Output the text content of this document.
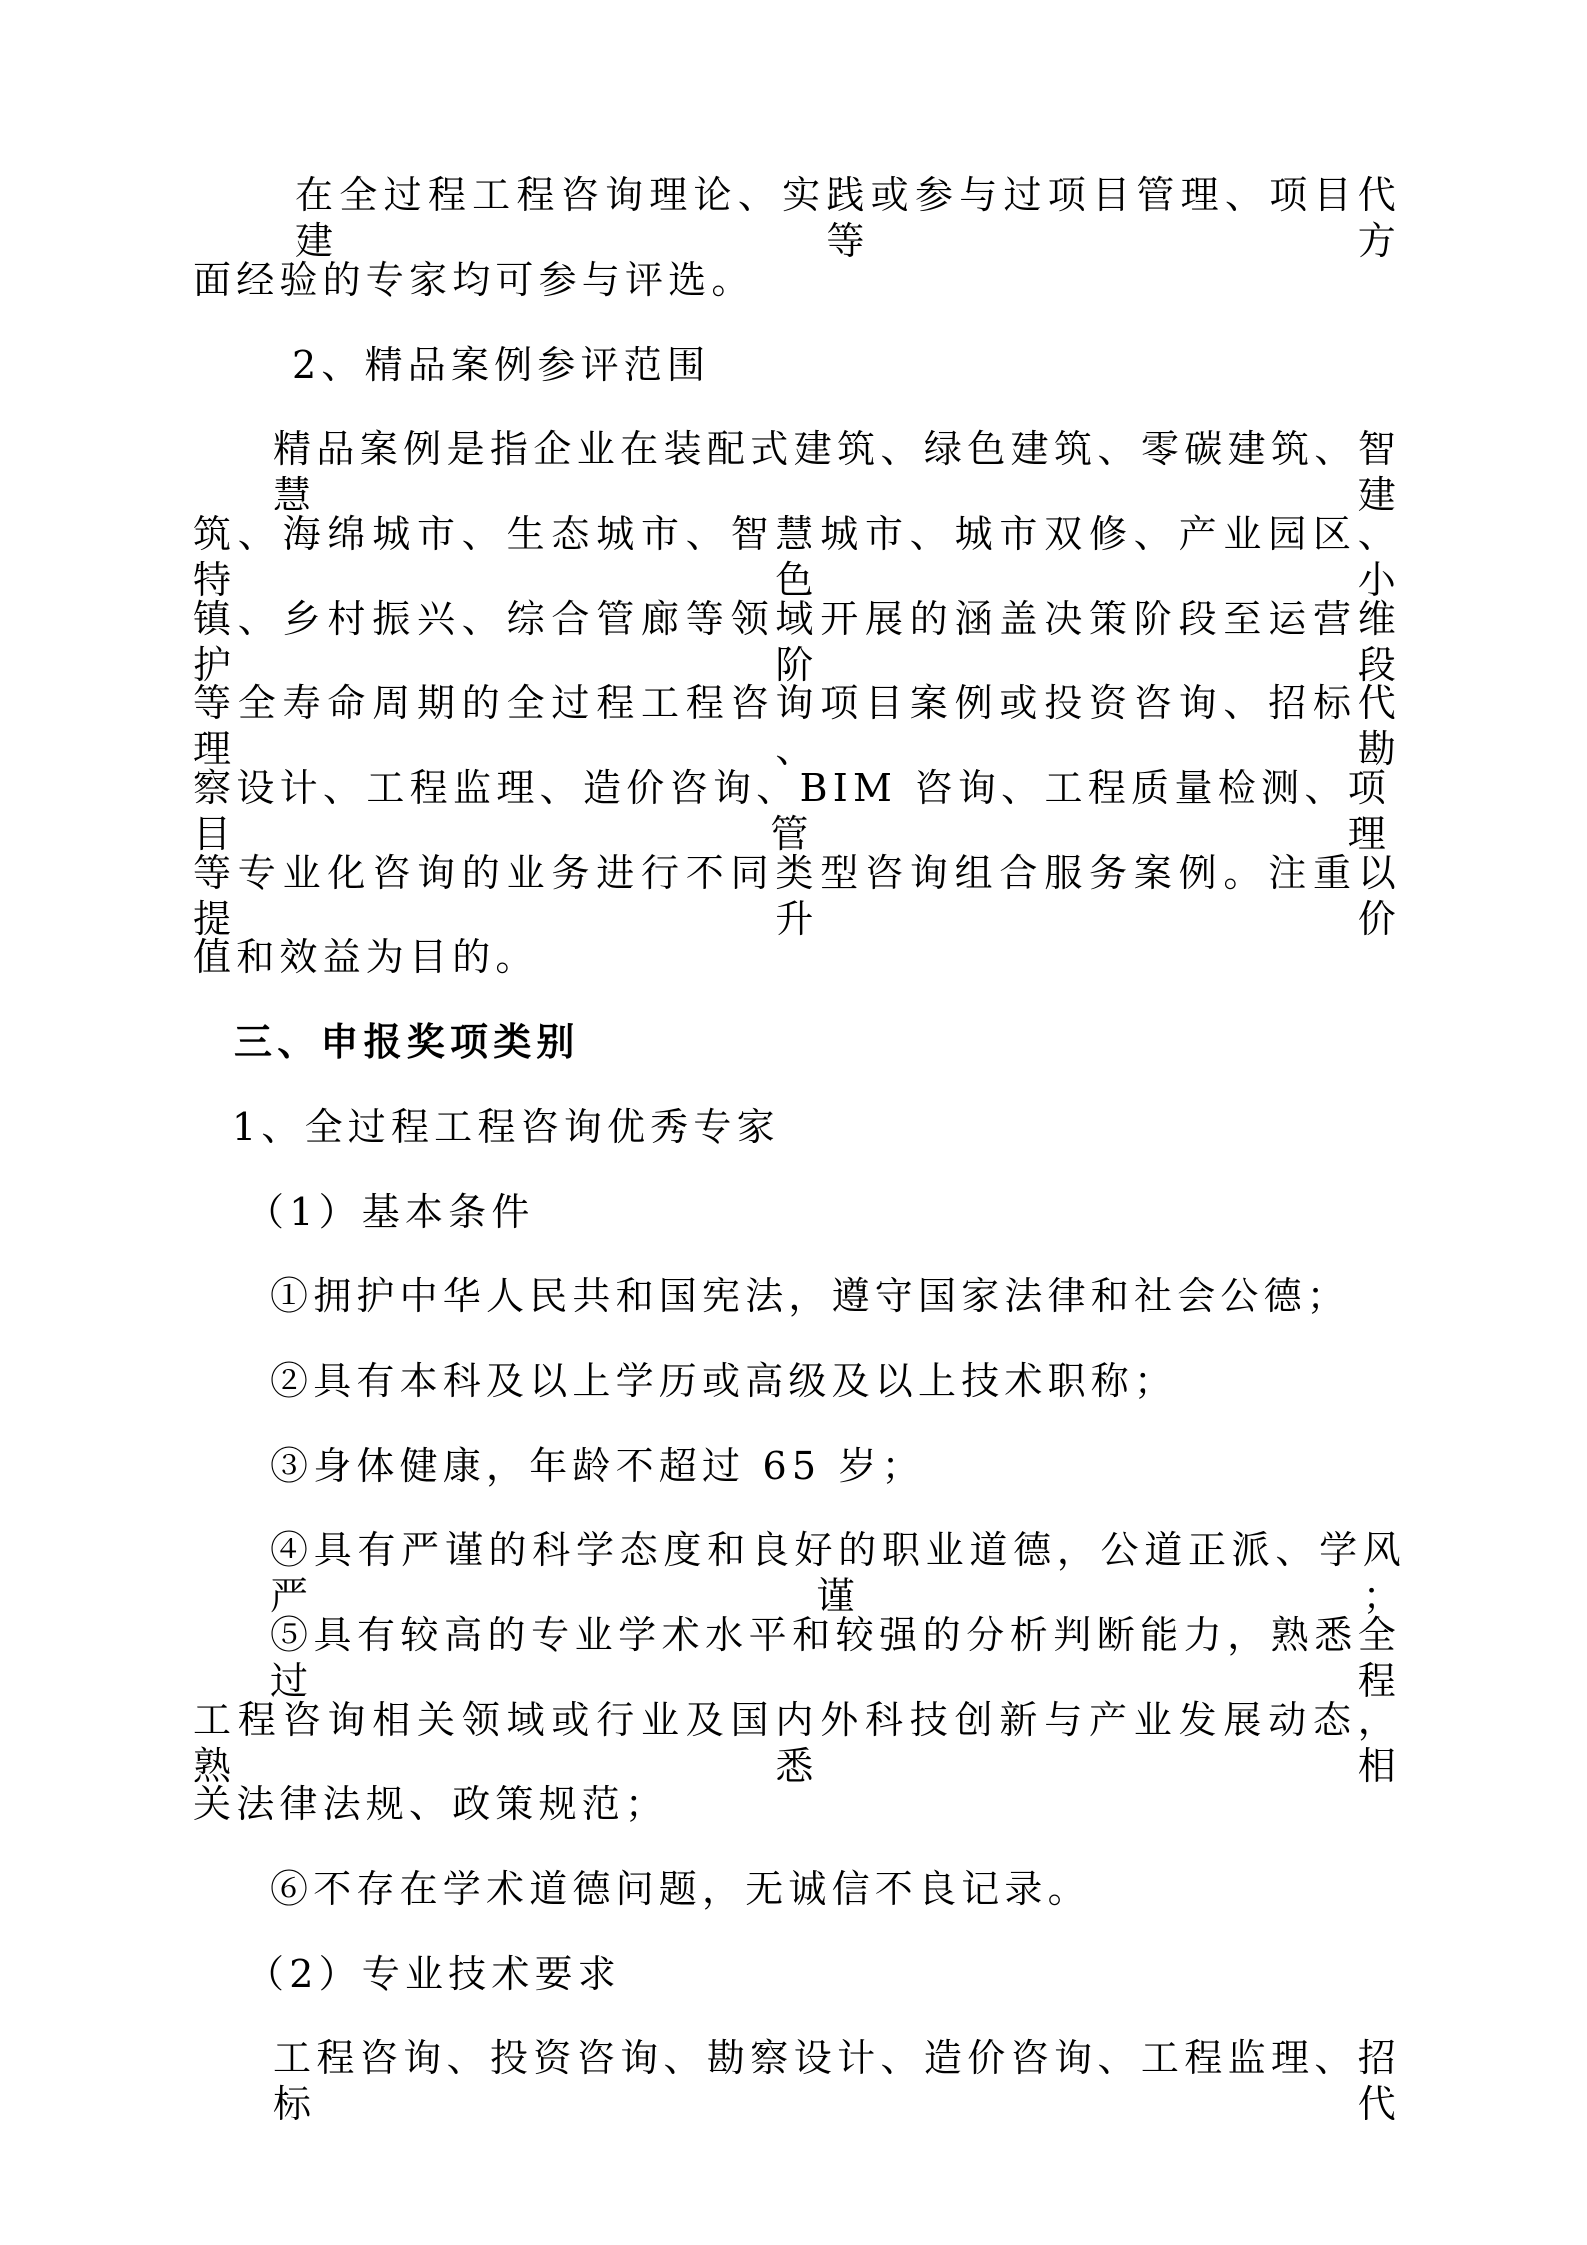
在全过程工程咨询理论、实践或参与过项目管理、项目代建等方
面经验的专家均可参与评选。
2、精品案例参评范围
精品案例是指企业在装配式建筑、绿色建筑、零碳建筑、智慧建
筑、海绵城市、生态城市、智慧城市、城市双修、产业园区、特色小
镇、乡村振兴、综合管廊等领域开展的涵盖决策阶段至运营维护阶段
等全寿命周期的全过程工程咨询项目案例或投资咨询、招标代理、勘
察设计、工程监理、造价咨询、BIM 咨询、工程质量检测、项目管理
等专业化咨询的业务进行不同类型咨询组合服务案例。注重以提升价
值和效益为目的。
三、申报奖项类别
1、全过程工程咨询优秀专家
（1）基本条件
①拥护中华人民共和国宪法，遵守国家法律和社会公德；
②具有本科及以上学历或高级及以上技术职称；
③身体健康，年龄不超过 65 岁；
④具有严谨的科学态度和良好的职业道德，公道正派、学风严谨；
⑤具有较高的专业学术水平和较强的分析判断能力，熟悉全过程
工程咨询相关领域或行业及国内外科技创新与产业发展动态，熟悉相
关法律法规、政策规范；
⑥不存在学术道德问题，无诚信不良记录。
（2）专业技术要求
工程咨询、投资咨询、勘察设计、造价咨询、工程监理、招标代
